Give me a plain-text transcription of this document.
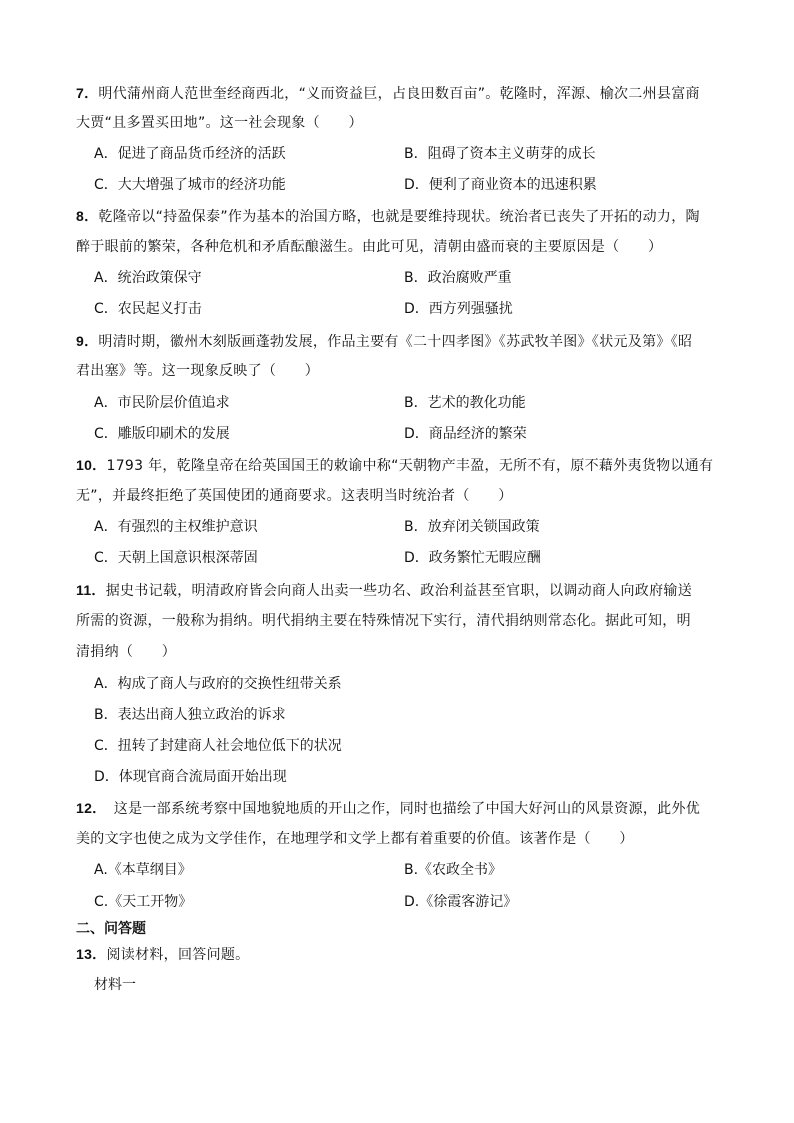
7．明代蒲州商人范世奎经商西北，“义而资益巨，占良田数百亩”。乾隆时，浑源、榆次二州县富商
大贾“且多置买田地”。这一社会现象（　　）
A．促进了商品货币经济的活跃	B．阻碍了资本主义萌芽的成长
C．大大增强了城市的经济功能	D．便利了商业资本的迅速积累
8．乾隆帝以“持盈保泰”作为基本的治国方略，也就是要维持现状。统治者已丧失了开拓的动力，陶
醉于眼前的繁荣，各种危机和矛盾酝酿滋生。由此可见，清朝由盛而衰的主要原因是（　　）
A．统治政策保守	B．政治腐败严重
C．农民起义打击	D．西方列强骚扰
9．明清时期，徽州木刻版画蓬勃发展，作品主要有《二十四孝图》《苏武牧羊图》《状元及第》《昭
君出塞》等。这一现象反映了（　　）
A．市民阶层价值追求	B．艺术的教化功能
C．雕版印刷术的发展	D．商品经济的繁荣
10．1793 年，乾隆皇帝在给英国国王的敕谕中称“天朝物产丰盈，无所不有，原不藉外夷货物以通有
无”，并最终拒绝了英国使团的通商要求。这表明当时统治者（　　）
A．有强烈的主权维护意识	B．放弃闭关锁国政策
C．天朝上国意识根深蒂固	D．政务繁忙无暇应酬
11．据史书记载，明清政府皆会向商人出卖一些功名、政治利益甚至官职，以调动商人向政府输送
所需的资源，一般称为捐纳。明代捐纳主要在特殊情况下实行，清代捐纳则常态化。据此可知，明
清捐纳（　　）
A．构成了商人与政府的交换性纽带关系
B．表达出商人独立政治的诉求
C．扭转了封建商人社会地位低下的状况
D．体现官商合流局面开始出现
12．　这是一部系统考察中国地貌地质的开山之作，同时也描绘了中国大好河山的风景资源，此外优
美的文字也使之成为文学佳作，在地理学和文学上都有着重要的价值。该著作是（　　）
A.《本草纲目》	B.《农政全书》
C.《天工开物》	D.《徐霞客游记》
二、问答题
13．阅读材料，回答问题。
材料一
